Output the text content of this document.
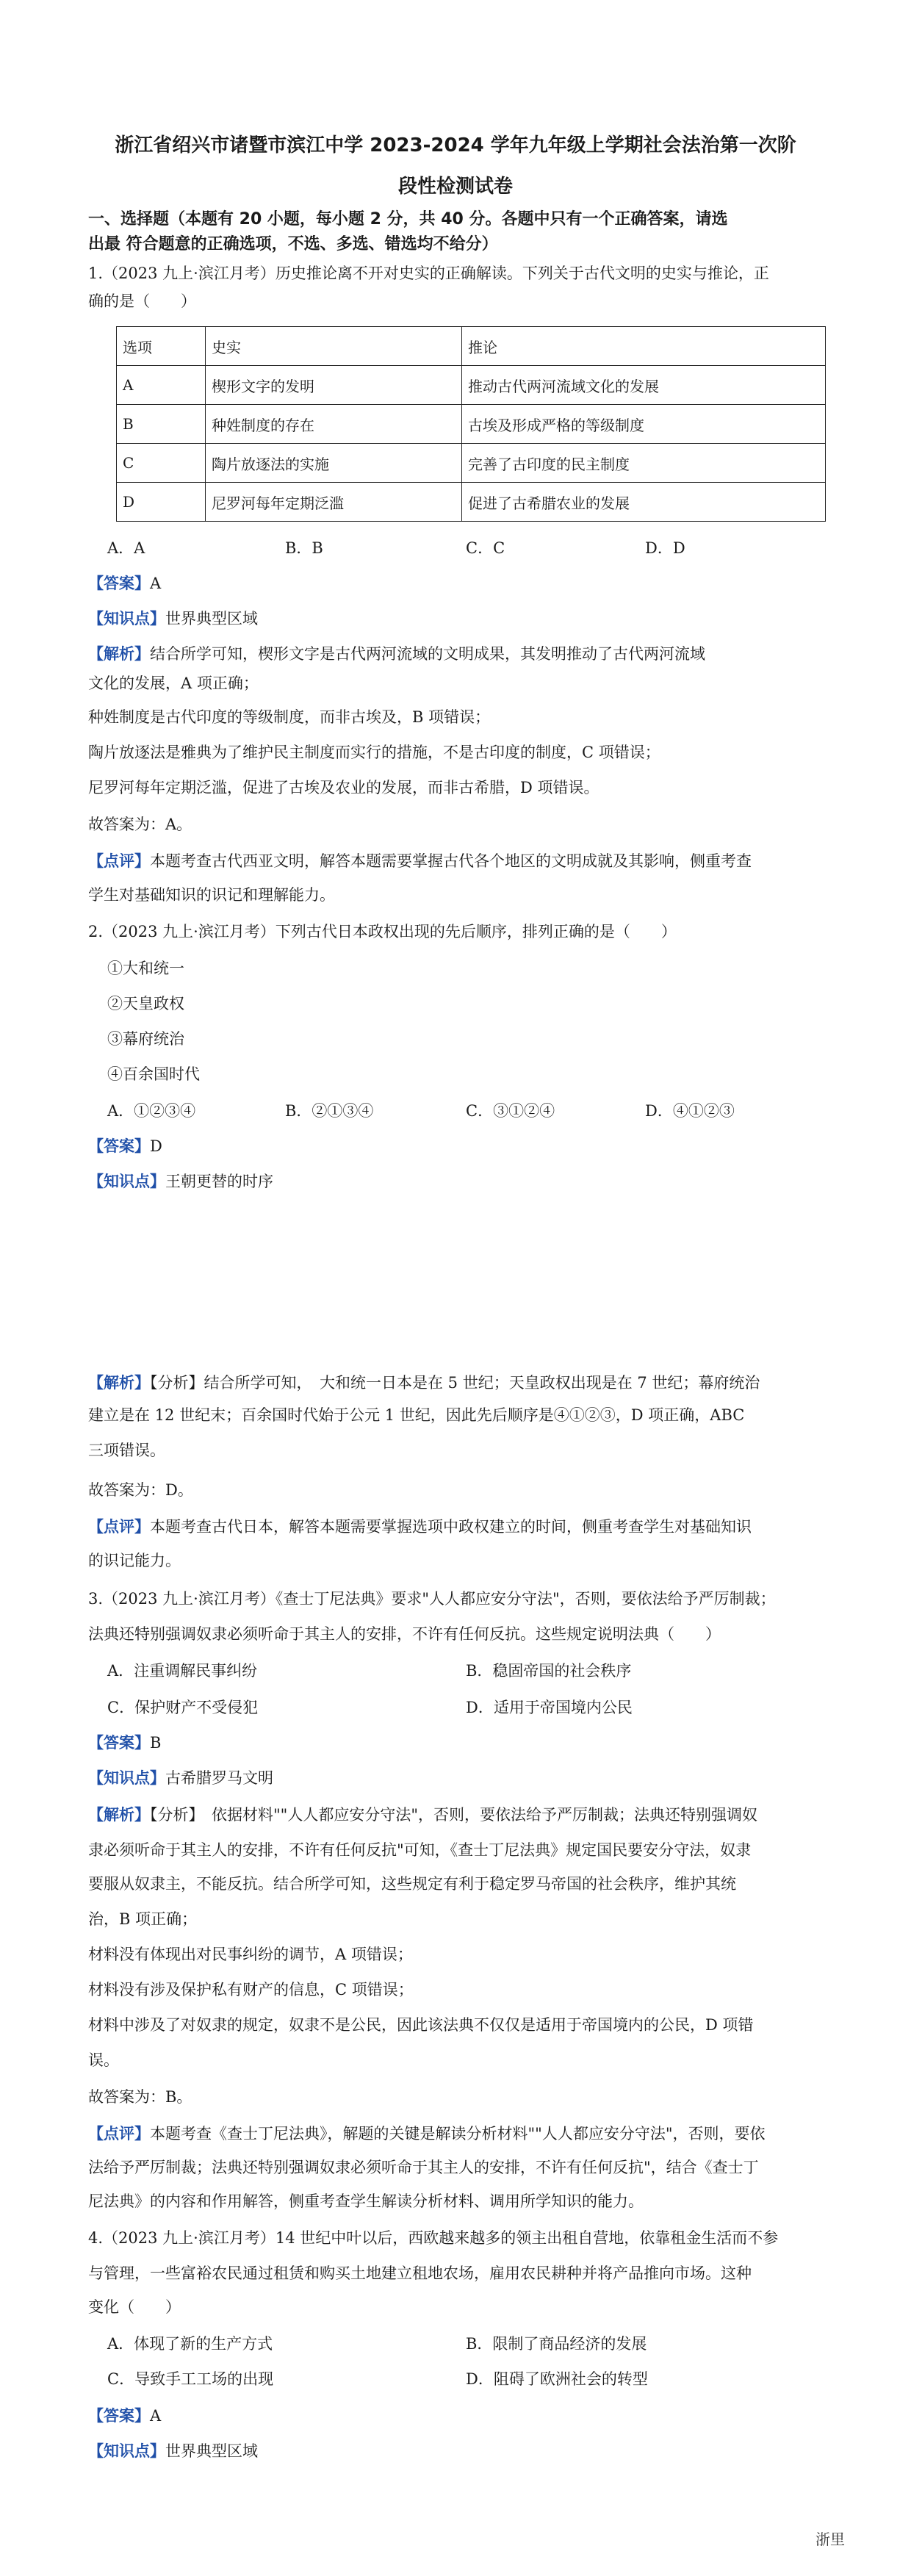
浙江省绍兴市诸暨市滨江中学 2023-2024 学年九年级上学期社会法治第一次阶
段性检测试卷
一、选择题（本题有 20 小题，每小题 2 分，共 40 分。各题中只有一个正确答案，请选
出最 符合题意的正确选项，不选、多选、错选均不给分）
1.（2023 九上·滨江月考）历史推论离不开对史实的正确解读。下列关于古代文明的史实与推论，正
确的是（　　）
选项	史实	推论
A	楔形文字的发明	推动古代两河流域文化的发展
B	种姓制度的存在	古埃及形成严格的等级制度
C	陶片放逐法的实施	完善了古印度的民主制度
D	尼罗河每年定期泛滥	促进了古希腊农业的发展
A．A	B．B	C．C	D．D
【答案】A
【知识点】世界典型区域
【解析】结合所学可知，楔形文字是古代两河流域的文明成果，其发明推动了古代两河流域
文化的发展，A 项正确；
种姓制度是古代印度的等级制度，而非古埃及，B 项错误；
陶片放逐法是雅典为了维护民主制度而实行的措施，不是古印度的制度，C 项错误；
尼罗河每年定期泛滥，促进了古埃及农业的发展，而非古希腊，D 项错误。
故答案为：A。
【点评】本题考查古代西亚文明，解答本题需要掌握古代各个地区的文明成就及其影响，侧重考查
学生对基础知识的识记和理解能力。
2.（2023 九上·滨江月考）下列古代日本政权出现的先后顺序，排列正确的是（　　）
①大和统一
②天皇政权
③幕府统治
④百余国时代
A．①②③④	B．②①③④	C．③①②④	D．④①②③
【答案】D
【知识点】王朝更替的时序
【解析】【分析】结合所学可知，　大和统一日本是在 5 世纪；天皇政权出现是在 7 世纪；幕府统治
建立是在 12 世纪末；百余国时代始于公元 1 世纪，因此先后顺序是④①②③，D 项正确，ABC
三项错误。
故答案为：D。
【点评】本题考查古代日本，解答本题需要掌握选项中政权建立的时间，侧重考查学生对基础知识
的识记能力。
3.（2023 九上·滨江月考）《查士丁尼法典》要求"人人都应安分守法"，否则，要依法给予严厉制裁；
法典还特别强调奴隶必须听命于其主人的安排，不许有任何反抗。这些规定说明法典（　　）
A．注重调解民事纠纷	B．稳固帝国的社会秩序
C．保护财产不受侵犯	D．适用于帝国境内公民
【答案】B
【知识点】古希腊罗马文明
【解析】【分析】　依据材料""人人都应安分守法"，否则，要依法给予严厉制裁；法典还特别强调奴
隶必须听命于其主人的安排，不许有任何反抗"可知，《查士丁尼法典》规定国民要安分守法，奴隶
要服从奴隶主，不能反抗。结合所学可知，这些规定有利于稳定罗马帝国的社会秩序，维护其统
治，B 项正确；
材料没有体现出对民事纠纷的调节，A 项错误；
材料没有涉及保护私有财产的信息，C 项错误；
材料中涉及了对奴隶的规定，奴隶不是公民，因此该法典不仅仅是适用于帝国境内的公民，D 项错
误。
故答案为：B。
【点评】本题考查《查士丁尼法典》，解题的关键是解读分析材料""人人都应安分守法"，否则，要依
法给予严厉制裁；法典还特别强调奴隶必须听命于其主人的安排，不许有任何反抗"，结合《查士丁
尼法典》的内容和作用解答，侧重考查学生解读分析材料、调用所学知识的能力。
4.（2023 九上·滨江月考）14 世纪中叶以后，西欧越来越多的领主出租自营地，依靠租金生活而不参
与管理，一些富裕农民通过租赁和购买土地建立租地农场，雇用农民耕种并将产品推向市场。这种
变化（　　）
A．体现了新的生产方式	B．限制了商品经济的发展
C．导致手工工场的出现	D．阻碍了欧洲社会的转型
【答案】A
【知识点】世界典型区域
浙里
